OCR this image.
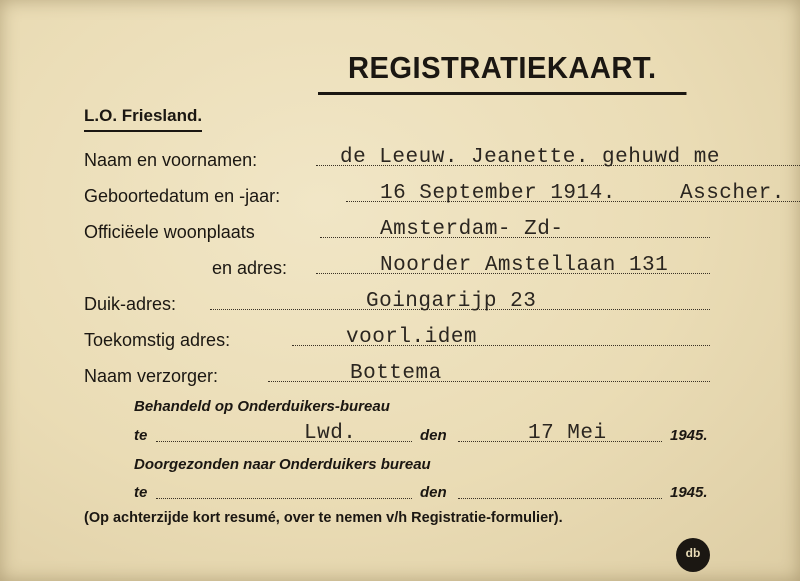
REGISTRATIEKAART.
L.O. Friesland.
Naam en voornamen:	de Leeuw. Jeanette. gehuwd me
Geboortedatum en -jaar:	16 September 1914.	Asscher.
Officiëele woonplaats	Amsterdam- Zd-
en adres:	Noorder Amstellaan 131
Duik-adres:	Goingarijp 23
Toekomstig adres:	voorl.idem
Naam verzorger:	Bottema
Behandeld op Onderduikers-bureau
te	Lwd.	den	17 Mei	1945.
Doorgezonden naar Onderduikers bureau
te	den	1945.
(Op achterzijde kort resumé, over te nemen v/h Registratie-formulier).
db
